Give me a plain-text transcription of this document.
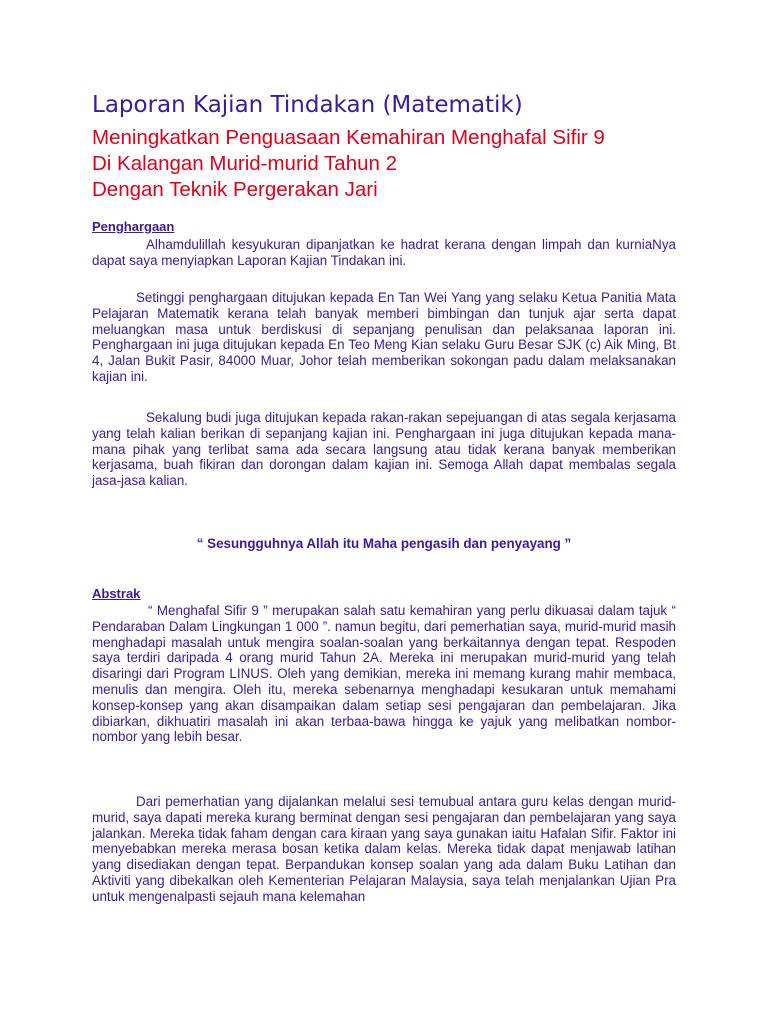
Laporan Kajian Tindakan (Matematik)
Meningkatkan Penguasaan Kemahiran Menghafal Sifir 9
Di Kalangan Murid-murid Tahun 2
Dengan Teknik Pergerakan Jari
Penghargaan

Alhamdulillah kesyukuran dipanjatkan ke hadrat kerana dengan limpah dan kurniaNya dapat saya menyiapkan Laporan Kajian Tindakan ini.

Setinggi penghargaan ditujukan kepada En Tan Wei Yang yang selaku Ketua Panitia Mata Pelajaran Matematik kerana telah banyak memberi bimbingan dan tunjuk ajar serta dapat meluangkan masa untuk berdiskusi di sepanjang penulisan dan pelaksanaa laporan ini. Penghargaan ini juga ditujukan kepada En Teo Meng Kian selaku Guru Besar SJK (c) Aik Ming, Bt 4, Jalan Bukit Pasir, 84000 Muar, Johor telah memberikan sokongan padu dalam melaksanakan kajian ini.

Sekalung budi juga ditujukan kepada rakan-rakan sepejuangan di atas segala kerjasama yang telah kalian berikan di sepanjang kajian ini. Penghargaan ini juga ditujukan kepada mana-mana pihak yang terlibat sama ada secara langsung atau tidak kerana banyak memberikan kerjasama, buah fikiran dan dorongan dalam kajian ini. Semoga Allah dapat membalas segala jasa-jasa kalian.

“ Sesungguhnya Allah itu Maha pengasih dan penyayang ”

Abstrak

“ Menghafal Sifir 9 ” merupakan salah satu kemahiran yang perlu dikuasai dalam tajuk “ Pendaraban Dalam Lingkungan 1 000 ”. namun begitu, dari pemerhatian saya, murid-murid masih menghadapi masalah untuk mengira soalan-soalan yang berkaitannya dengan tepat. Respoden saya terdiri daripada 4 orang murid Tahun 2A. Mereka ini merupakan murid-murid yang telah disaringi dari Program LINUS. Oleh yang demikian, mereka ini memang kurang mahir membaca, menulis dan mengira. Oleh itu, mereka sebenarnya menghadapi kesukaran untuk memahami konsep-konsep yang akan disampaikan dalam setiap sesi pengajaran dan pembelajaran. Jika dibiarkan, dikhuatiri masalah ini akan terbaa-bawa hingga ke yajuk yang melibatkan nombor-nombor yang lebih besar.

Dari pemerhatian yang dijalankan melalui sesi temubual antara guru kelas dengan murid-murid, saya dapati mereka kurang berminat dengan sesi pengajaran dan pembelajaran yang saya jalankan. Mereka tidak faham dengan cara kiraan yang saya gunakan iaitu Hafalan Sifir. Faktor ini menyebabkan mereka merasa bosan ketika dalam kelas. Mereka tidak dapat menjawab latihan yang disediakan dengan tepat. Berpandukan konsep soalan yang ada dalam Buku Latihan dan Aktiviti yang dibekalkan oleh Kementerian Pelajaran Malaysia, saya telah menjalankan Ujian Pra untuk mengenalpasti sejauh mana kelemahan
